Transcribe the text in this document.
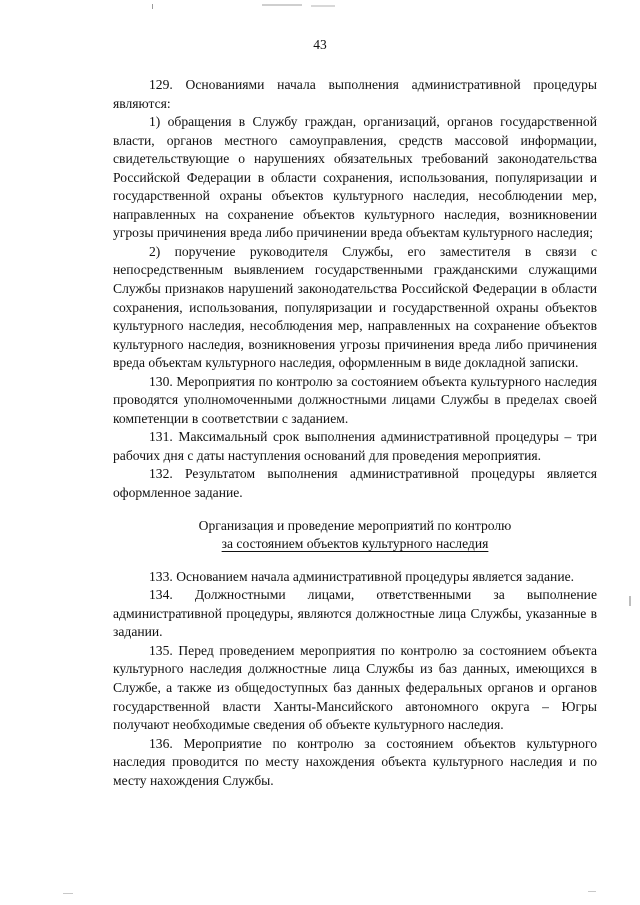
43

129. Основаниями начала выполнения административной процедуры являются:

1) обращения в Службу граждан, организаций, органов государственной власти, органов местного самоуправления, средств массовой информации, свидетельствующие о нарушениях обязательных требований законодательства Российской Федерации в области сохранения, использования, популяризации и государственной охраны объектов культурного наследия, несоблюдении мер, направленных на сохранение объектов культурного наследия, возникновении угрозы причинения вреда либо причинении вреда объектам культурного наследия;

2) поручение руководителя Службы, его заместителя в связи с непосредственным выявлением государственными гражданскими служащими Службы признаков нарушений законодательства Российской Федерации в области сохранения, использования, популяризации и государственной охраны объектов культурного наследия, несоблюдения мер, направленных на сохранение объектов культурного наследия, возникновения угрозы причинения вреда либо причинения вреда объектам культурного наследия, оформленным в виде докладной записки.

130. Мероприятия по контролю за состоянием объекта культурного наследия проводятся уполномоченными должностными лицами Службы в пределах своей компетенции в соответствии с заданием.

131. Максимальный срок выполнения административной процедуры – три рабочих дня с даты наступления оснований для проведения мероприятия.

132. Результатом выполнения административной процедуры является оформленное задание.

Организация и проведение мероприятий по контролю
за состоянием объектов культурного наследия

133. Основанием начала административной процедуры является задание.

134. Должностными лицами, ответственными за выполнение административной процедуры, являются должностные лица Службы, указанные в задании.

135. Перед проведением мероприятия по контролю за состоянием объекта культурного наследия должностные лица Службы из баз данных, имеющихся в Службе, а также из общедоступных баз данных федеральных органов и органов государственной власти Ханты-Мансийского автономного округа – Югры получают необходимые сведения об объекте культурного наследия.

136. Мероприятие по контролю за состоянием объектов культурного наследия проводится по месту нахождения объекта культурного наследия и по месту нахождения Службы.
